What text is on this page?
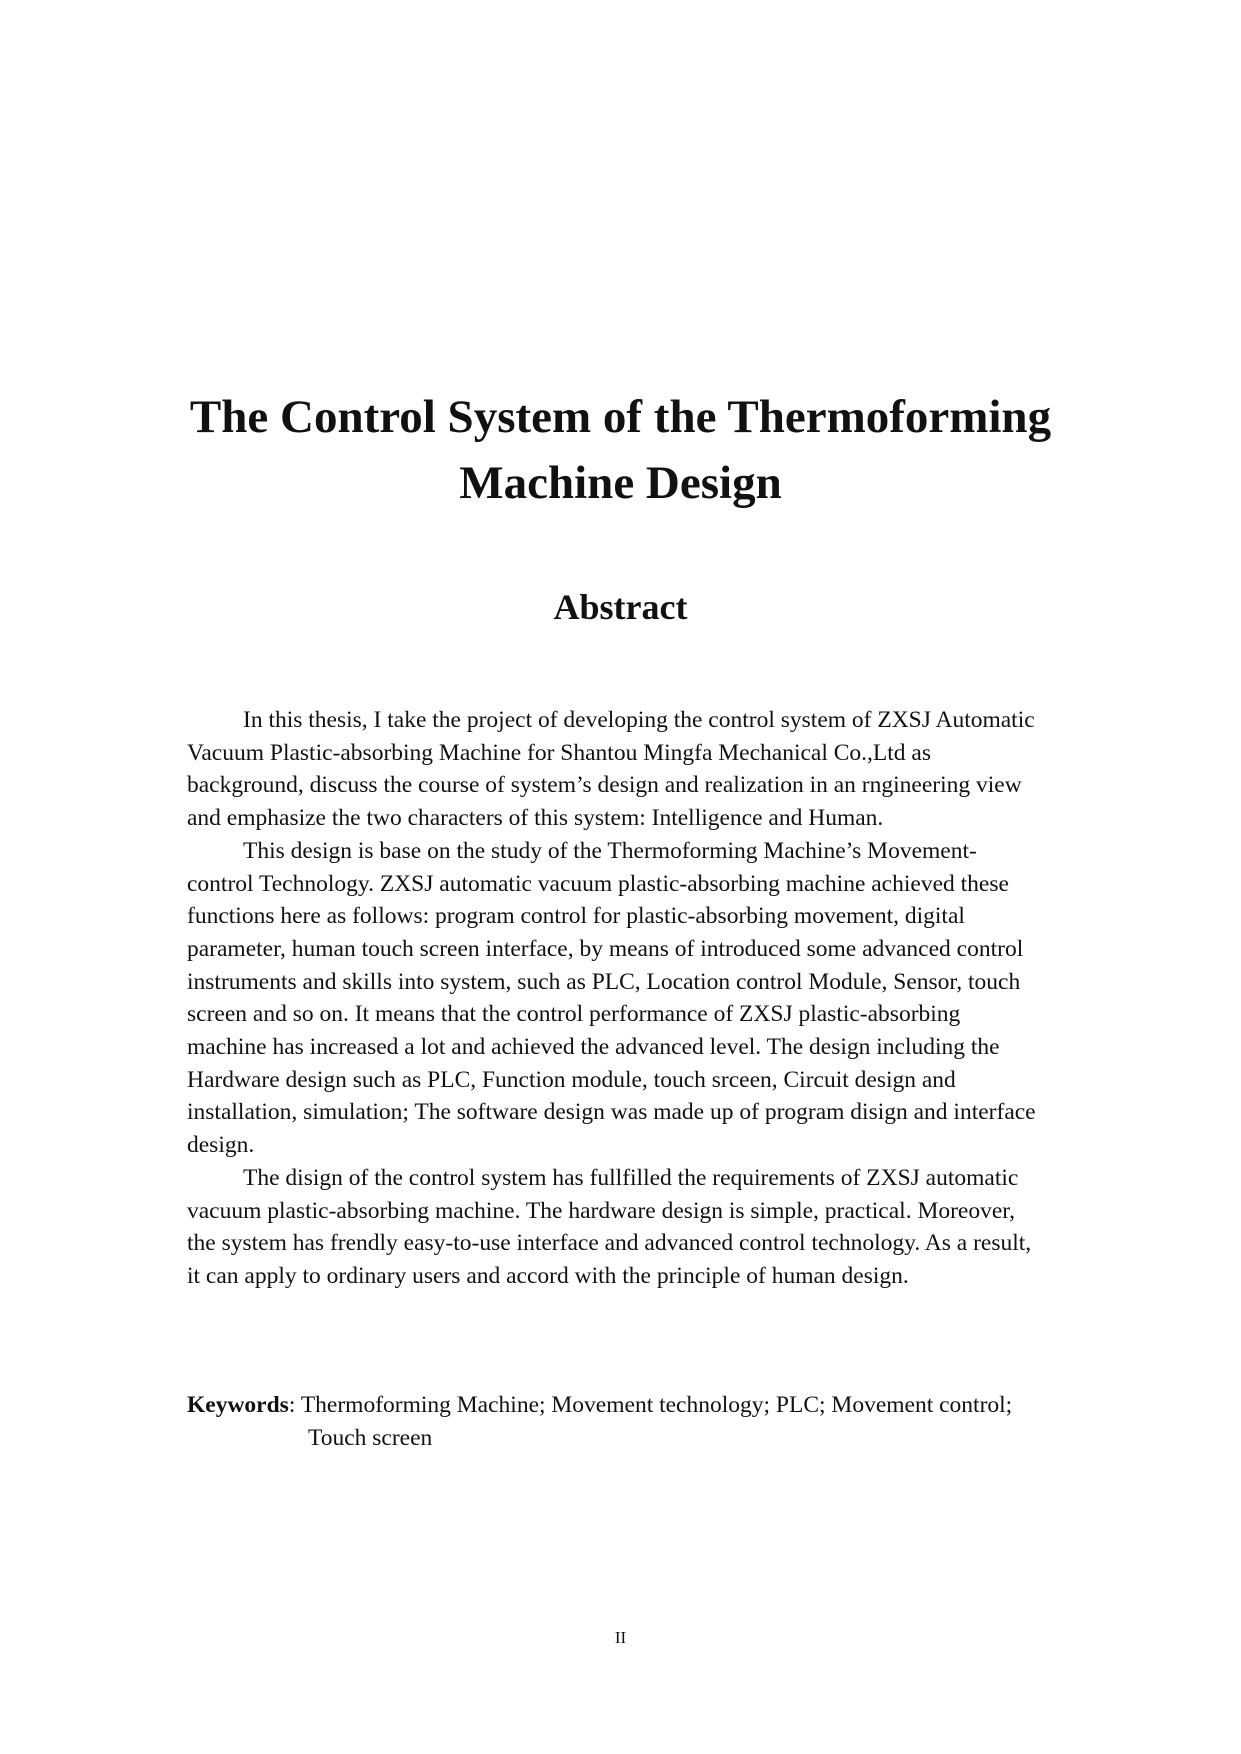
The Control System of the Thermoforming
Machine Design
Abstract

In this thesis, I take the project of developing the control system of ZXSJ Automatic Vacuum Plastic-absorbing Machine for Shantou Mingfa Mechanical Co.,Ltd as background, discuss the course of system’s design and realization in an rngineering view and emphasize the two characters of this system: Intelligence and Human.

This design is base on the study of the Thermoforming Machine’s Movement-control Technology. ZXSJ automatic vacuum plastic-absorbing machine achieved these functions here as follows: program control for plastic-absorbing movement, digital parameter, human touch screen interface, by means of introduced some advanced control instruments and skills into system, such as PLC, Location control Module, Sensor, touch screen and so on. It means that the control performance of ZXSJ plastic-absorbing machine has increased a lot and achieved the advanced level. The design including the Hardware design such as PLC, Function module, touch srceen, Circuit design and installation, simulation; The software design was made up of program disign and interface design.

The disign of the control system has fullfilled the requirements of ZXSJ automatic vacuum plastic-absorbing machine. The hardware design is simple, practical. Moreover, the system has frendly easy-to-use interface and advanced control technology. As a result, it can apply to ordinary users and accord with the principle of human design.

Keywords: Thermoforming Machine; Movement technology; PLC; Movement control; Touch screen
II
